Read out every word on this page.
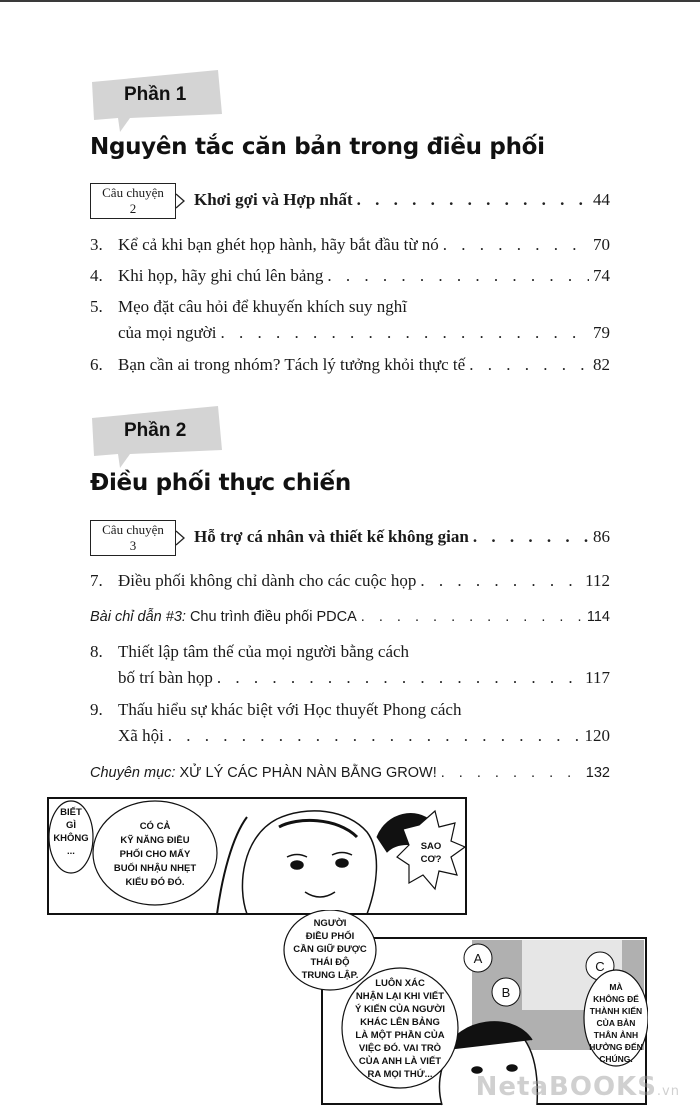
Phần 1
Nguyên tắc căn bản trong điều phối
Câu chuyện
2	Khơi gợi và Hợp nhất . . .	44
3. Kể cả khi bạn ghét họp hành, hãy bắt đầu từ nó . . .	70
4. Khi họp, hãy ghi chú lên bảng . . .	74
5. Mẹo đặt câu hỏi để khuyến khích suy nghĩ
của mọi người . . .	79
6. Bạn cần ai trong nhóm? Tách lý tưởng khỏi thực tế . . .	82
Phần 2
Điều phối thực chiến
Câu chuyện
3	Hỗ trợ cá nhân và thiết kế không gian . . .	86
7. Điều phối không chỉ dành cho các cuộc họp . . .	112
Bài chỉ dẫn #3: Chu trình điều phối PDCA . . .	114
8. Thiết lập tâm thế của mọi người bằng cách
bố trí bàn họp . . .	117
9. Thấu hiểu sự khác biệt với Học thuyết Phong cách
Xã hội . . .	120
Chuyên mục: XỬ LÝ CÁC PHÀN NÀN BẰNG GROW! . . .	132
BIẾT
GÌ
KHÔNG
...
CÓ CẢ
KỸ NĂNG ĐIỀU
PHỐI CHO MẤY
BUỔI NHẬU NHẸT
KIỂU ĐÓ ĐÓ.
SAO
CƠ?
A
B
C
NGƯỜI
ĐIỀU PHỐI
CẦN GIỮ ĐƯỢC
THÁI ĐỘ
TRUNG LẬP.
LUÔN XÁC
NHẬN LẠI KHI VIẾT
Ý KIẾN CỦA NGƯỜI
KHÁC LÊN BẢNG
LÀ MỘT PHẦN CỦA
VIỆC ĐÓ. VAI TRÒ
CỦA ANH LÀ VIẾT
RA MỌI THỨ...
MÀ
KHÔNG ĐỂ
THÀNH KIẾN
CỦA BẢN
THÂN ẢNH
HƯỞNG ĐẾN
CHÚNG.
NetaBOOKS.vn
